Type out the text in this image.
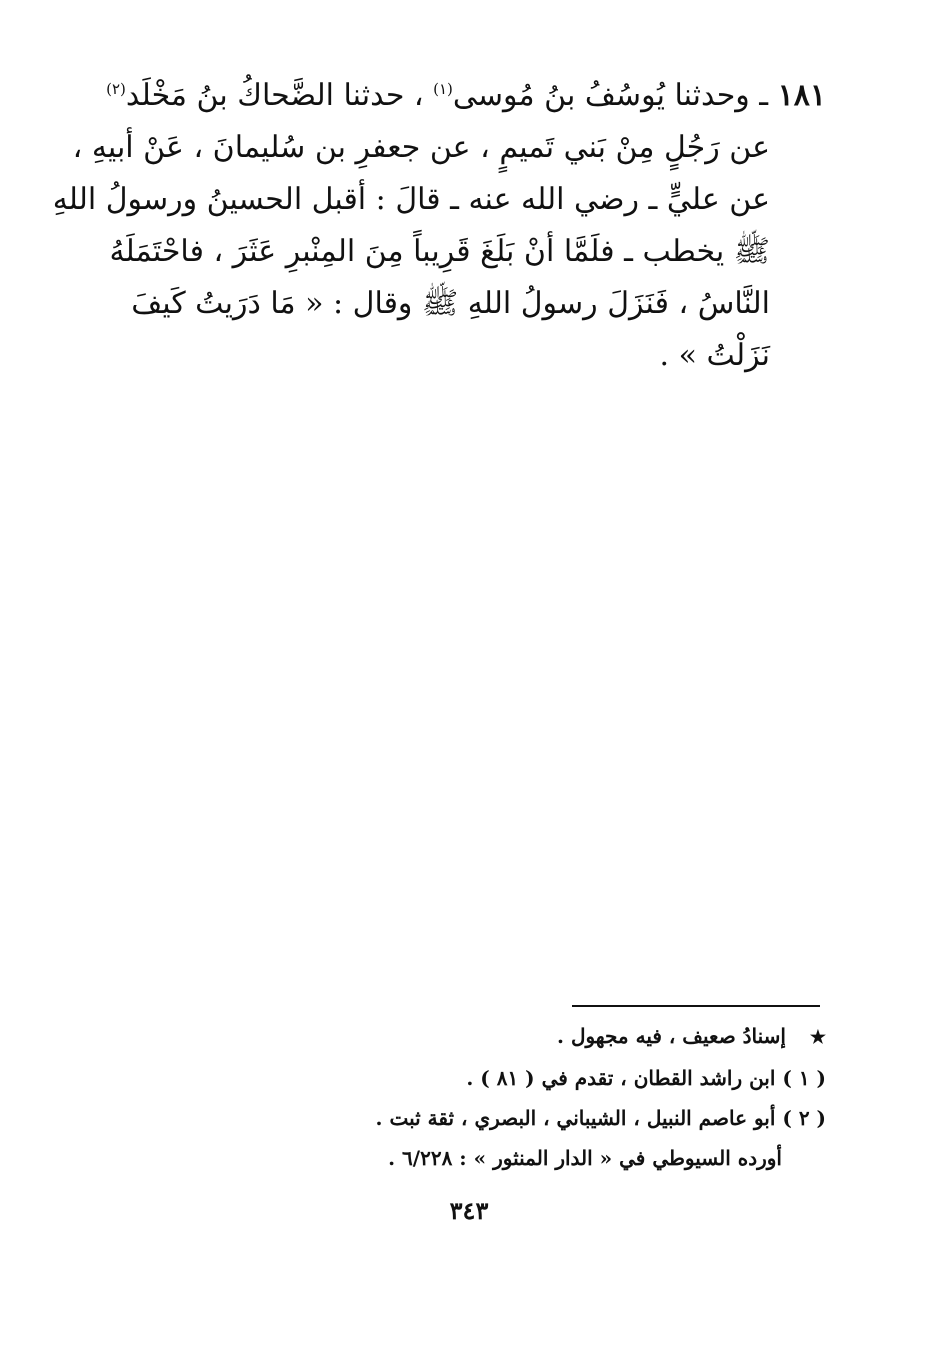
١٨١ ـ وحدثنا يُوسُفُ بنُ مُوسى$^{(١)}$ ، حدثنا الضَّحاكُ بنُ مَخْلَد$^{(٢)}$
عن رَجُلٍ مِنْ بَني تَميمٍ ، عن جعفرِ بن سُليمانَ ، عَنْ أبيهِ ،
عن عليٍّ ـ رضي الله عنه ـ قالَ : أقبل الحسينُ ورسولُ اللهِ
ﷺ يخطب ـ فلَمَّا أنْ بَلَغَ قَرِيباً مِنَ المِنْبرِ عَثَرَ ، فاحْتَمَلَهُ
النَّاسُ ، فَنَزَلَ رسولُ اللهِ ﷺ وقال : « مَا دَرَيتُ كَيفَ
نَزَلْتُ » .
★إسنادُ صعيف ، فيه مجهول .
( ١ ) ابن راشد القطان ، تقدم في ( ٨١ ) .
( ٢ ) أبو عاصم النبيل ، الشيباني ، البصري ، ثقة ثبت .
أورده السيوطي في « الدار المنثور » : ٦/٢٢٨ .
٣٤٣
